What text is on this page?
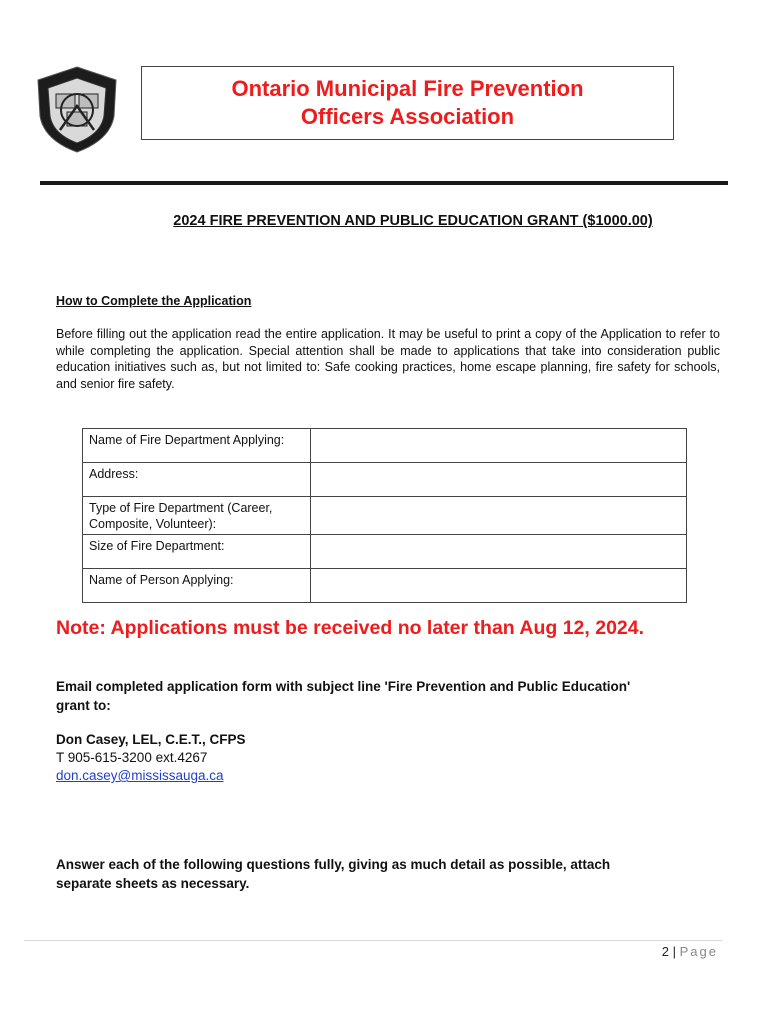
Ontario Municipal Fire Prevention
Officers Association
2024 FIRE PREVENTION AND PUBLIC EDUCATION GRANT ($1000.00)
How to Complete the Application
Before filling out the application read the entire application. It may be useful to print a copy of the Application to refer to while completing the application. Special attention shall be made to applications that take into consideration public education initiatives such as, but not limited to: Safe cooking practices, home escape planning, fire safety for schools, and senior fire safety.
Name of Fire Department Applying:	
Address:	
Type of Fire Department (Career, Composite, Volunteer):	
Size of Fire Department:	
Name of Person Applying:	
Note: Applications must be received no later than Aug 12, 2024.
Email completed application form with subject line 'Fire Prevention and Public Education' grant to:
Don Casey, LEL, C.E.T., CFPS
T 905-615-3200 ext.4267
don.casey@mississauga.ca
Answer each of the following questions fully, giving as much detail as possible, attach separate sheets as necessary.
2 | Page
